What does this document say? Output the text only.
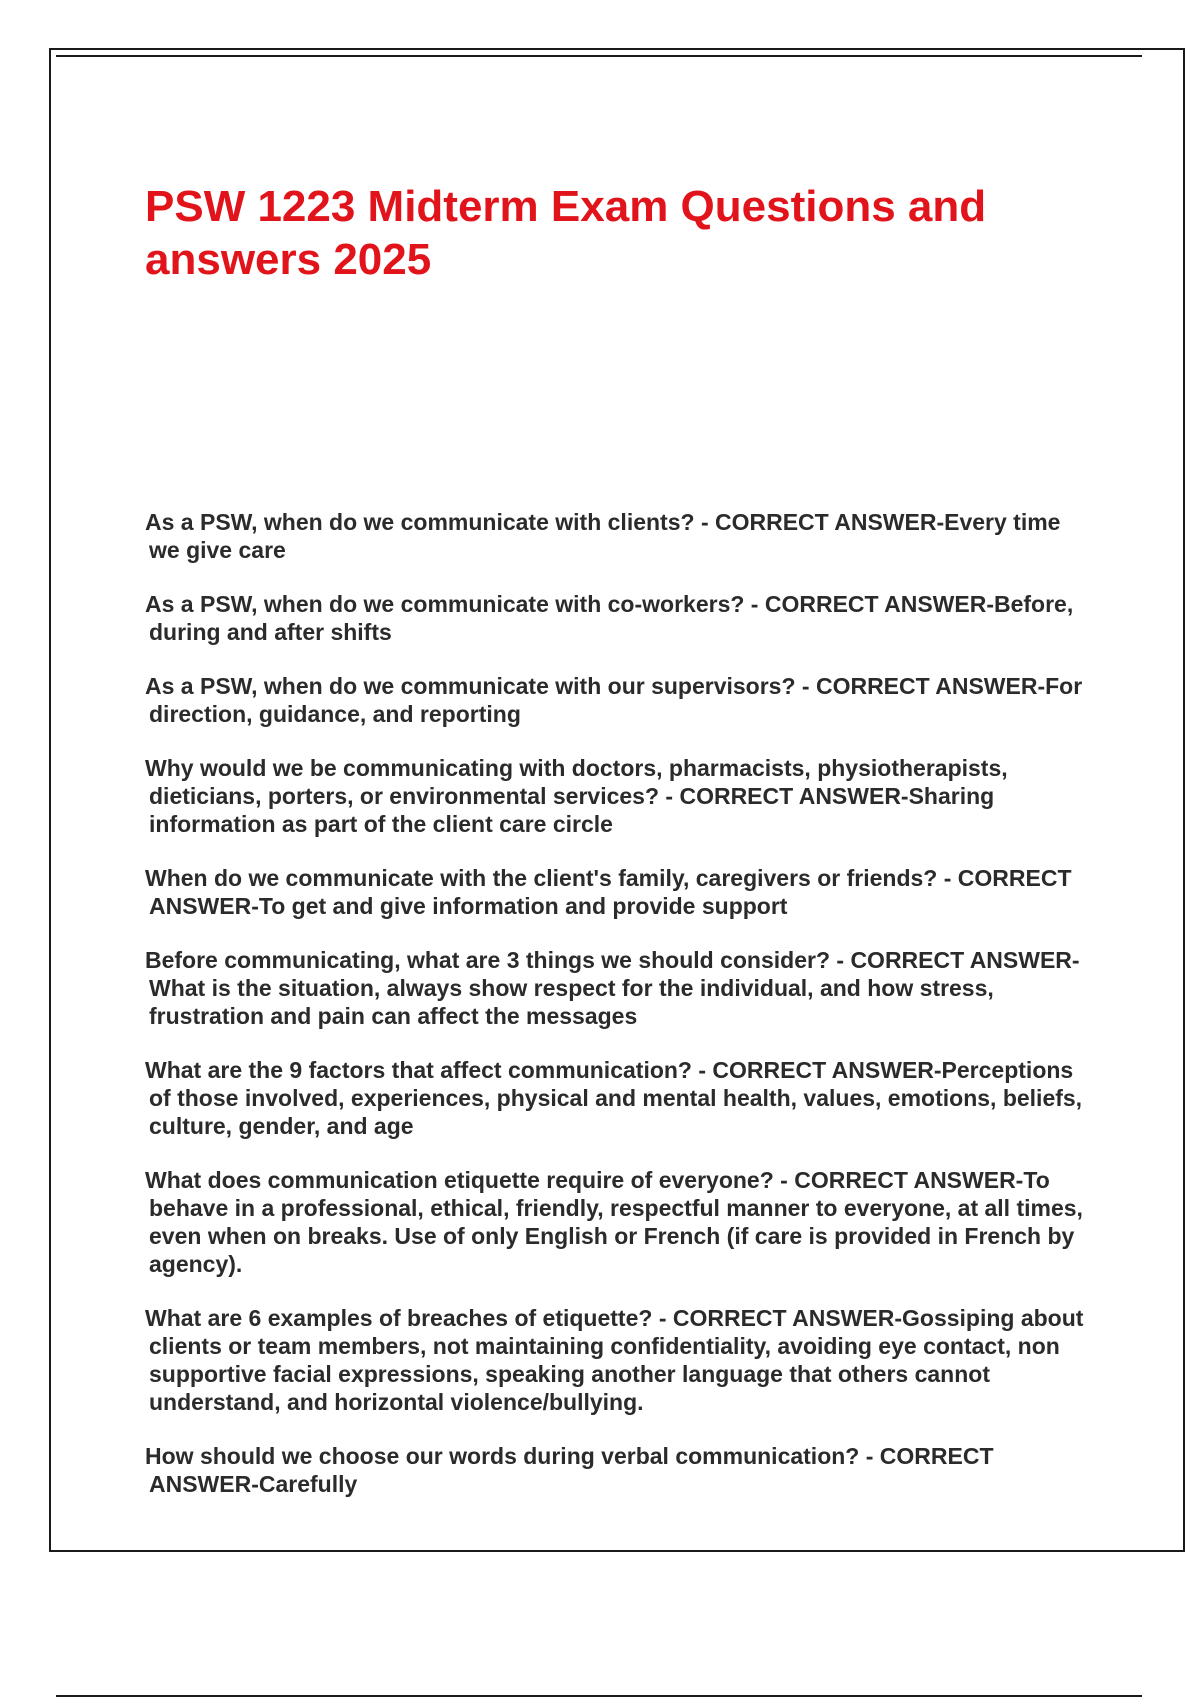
PSW 1223 Midterm Exam Questions and answers 2025
As a PSW, when do we communicate with clients? - CORRECT ANSWER-Every time we give care
As a PSW, when do we communicate with co-workers? - CORRECT ANSWER-Before, during and after shifts
As a PSW, when do we communicate with our supervisors? - CORRECT ANSWER-For direction, guidance, and reporting
Why would we be communicating with doctors, pharmacists, physiotherapists, dieticians, porters, or environmental services? - CORRECT ANSWER-Sharing information as part of the client care circle
When do we communicate with the client's family, caregivers or friends? - CORRECT ANSWER-To get and give information and provide support
Before communicating, what are 3 things we should consider? - CORRECT ANSWER-What is the situation, always show respect for the individual, and how stress, frustration and pain can affect the messages
What are the 9 factors that affect communication? - CORRECT ANSWER-Perceptions of those involved, experiences, physical and mental health, values, emotions, beliefs, culture, gender, and age
What does communication etiquette require of everyone? - CORRECT ANSWER-To behave in a professional, ethical, friendly, respectful manner to everyone, at all times, even when on breaks. Use of only English or French (if care is provided in French by agency).
What are 6 examples of breaches of etiquette? - CORRECT ANSWER-Gossiping about clients or team members, not maintaining confidentiality, avoiding eye contact, non supportive facial expressions, speaking another language that others cannot understand, and horizontal violence/bullying.
How should we choose our words during verbal communication? - CORRECT ANSWER-Carefully
